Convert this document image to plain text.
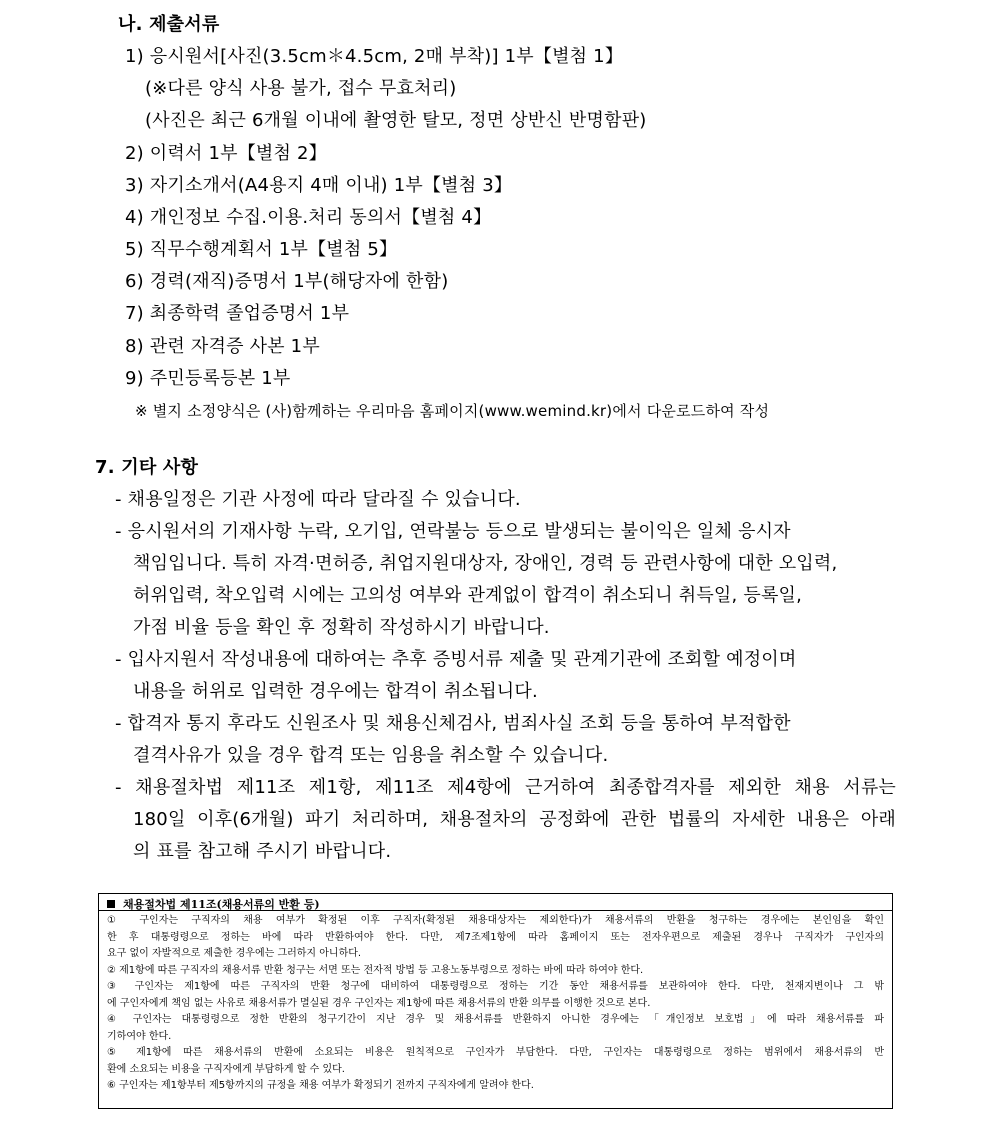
나. 제출서류
1) 응시원서[사진(3.5cm＊4.5cm, 2매 부착)] 1부【별첨 1】
(※다른 양식 사용 불가, 접수 무효처리)
(사진은 최근 6개월 이내에 촬영한 탈모, 정면 상반신 반명함판)
2) 이력서 1부【별첨 2】
3) 자기소개서(A4용지 4매 이내) 1부【별첨 3】
4) 개인정보 수집.이용.처리 동의서【별첨 4】
5) 직무수행계획서 1부【별첨 5】
6) 경력(재직)증명서 1부(해당자에 한함)
7) 최종학력 졸업증명서 1부
8) 관련 자격증 사본 1부
9) 주민등록등본 1부
※ 별지 소정양식은 (사)함께하는 우리마음 홈페이지(www.wemind.kr)에서 다운로드하여 작성
7. 기타 사항
- 채용일정은 기관 사정에 따라 달라질 수 있습니다.
- 응시원서의 기재사항 누락, 오기입, 연락불능 등으로 발생되는 불이익은 일체 응시자
책임입니다. 특히 자격·면허증, 취업지원대상자, 장애인, 경력 등 관련사항에 대한 오입력,
허위입력, 착오입력 시에는 고의성 여부와 관계없이 합격이 취소되니 취득일, 등록일,
가점 비율 등을 확인 후 정확히 작성하시기 바랍니다.
- 입사지원서 작성내용에 대하여는 추후 증빙서류 제출 및 관계기관에 조회할 예정이며
내용을 허위로 입력한 경우에는 합격이 취소됩니다.
- 합격자 통지 후라도 신원조사 및 채용신체검사, 범죄사실 조회 등을 통하여 부적합한
결격사유가 있을 경우 합격 또는 임용을 취소할 수 있습니다.
- 채용절차법 제11조 제1항, 제11조 제4항에 근거하여 최종합격자를 제외한 채용 서류는
180일 이후(6개월) 파기 처리하며, 채용절차의 공정화에 관한 법률의 자세한 내용은 아래
의 표를 참고해 주시기 바랍니다.
채용절차법 제11조(채용서류의 반환 등)
① 구인자는 구직자의 채용 여부가 확정된 이후 구직자(확정된 채용대상자는 제외한다)가 채용서류의 반환을 청구하는 경우에는 본인임을 확인
한 후 대통령령으로 정하는 바에 따라 반환하여야 한다. 다만, 제7조제1항에 따라 홈페이지 또는 전자우편으로 제출된 경우나 구직자가 구인자의
요구 없이 자발적으로 제출한 경우에는 그러하지 아니하다.
② 제1항에 따른 구직자의 채용서류 반환 청구는 서면 또는 전자적 방법 등 고용노동부령으로 정하는 바에 따라 하여야 한다.
③ 구인자는 제1항에 따른 구직자의 반환 청구에 대비하여 대통령령으로 정하는 기간 동안 채용서류를 보관하여야 한다. 다만, 천재지변이나 그 밖
에 구인자에게 책임 없는 사유로 채용서류가 멸실된 경우 구인자는 제1항에 따른 채용서류의 반환 의무를 이행한 것으로 본다.
④ 구인자는 대통령령으로 정한 반환의 청구기간이 지난 경우 및 채용서류를 반환하지 아니한 경우에는 「개인정보 보호법」에 따라 채용서류를 파
기하여야 한다.
⑤ 제1항에 따른 채용서류의 반환에 소요되는 비용은 원칙적으로 구인자가 부담한다. 다만, 구인자는 대통령령으로 정하는 범위에서 채용서류의 반
환에 소요되는 비용을 구직자에게 부담하게 할 수 있다.
⑥ 구인자는 제1항부터 제5항까지의 규정을 채용 여부가 확정되기 전까지 구직자에게 알려야 한다.
